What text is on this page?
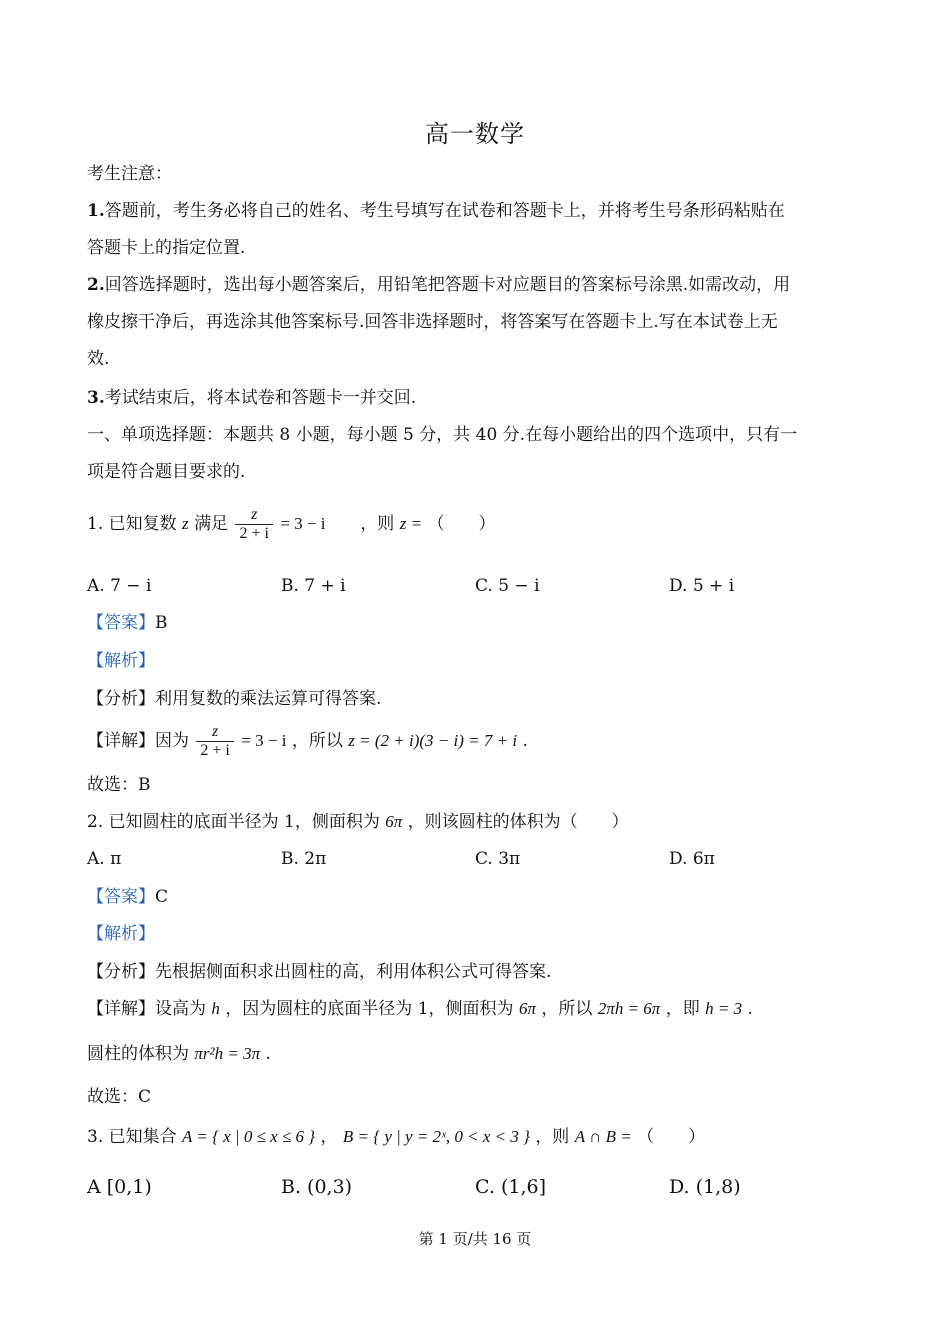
高一数学
考生注意：
1.答题前，考生务必将自己的姓名、考生号填写在试卷和答题卡上，并将考生号条形码粘贴在
答题卡上的指定位置.
2.回答选择题时，选出每小题答案后，用铅笔把答题卡对应题目的答案标号涂黑.如需改动，用
橡皮擦干净后，再选涂其他答案标号.回答非选择题时，将答案写在答题卡上.写在本试卷上无
效.
3.考试结束后，将本试卷和答题卡一并交回.
一、单项选择题：本题共 8 小题，每小题 5 分，共 40 分.在每小题给出的四个选项中，只有一
项是符合题目要求的.
1. 已知复数 z 满足 $\frac{z}{2 + i} = 3 - i$ ，则 z = （　　）
A. 7 − i	B. 7 + i	C. 5 − i	D. 5 + i
【答案】B
【解析】
【分析】利用复数的乘法运算可得答案.
【详解】因为 $\frac{z}{2 + i} = 3 - i$ ，所以 z = (2 + i)(3 − i) = 7 + i .
故选：B
2. 已知圆柱的底面半径为 1，侧面积为 6π ，则该圆柱的体积为（　　）
A. π	B. 2π	C. 3π	D. 6π
【答案】C
【解析】
【分析】先根据侧面积求出圆柱的高，利用体积公式可得答案.
【详解】设高为 h ，因为圆柱的底面半径为 1，侧面积为 6π ，所以 2πh = 6π ，即 h = 3 .
圆柱的体积为 πr²h = 3π .
故选：C
3. 已知集合 A = { x | 0 ≤ x ≤ 6 } ， B = { y | y = 2ˣ, 0 < x < 3 } ，则 A ∩ B = （　　）
A [0,1)	B. (0,3)	C. (1,6]	D. (1,8)
第 1 页/共 16 页
